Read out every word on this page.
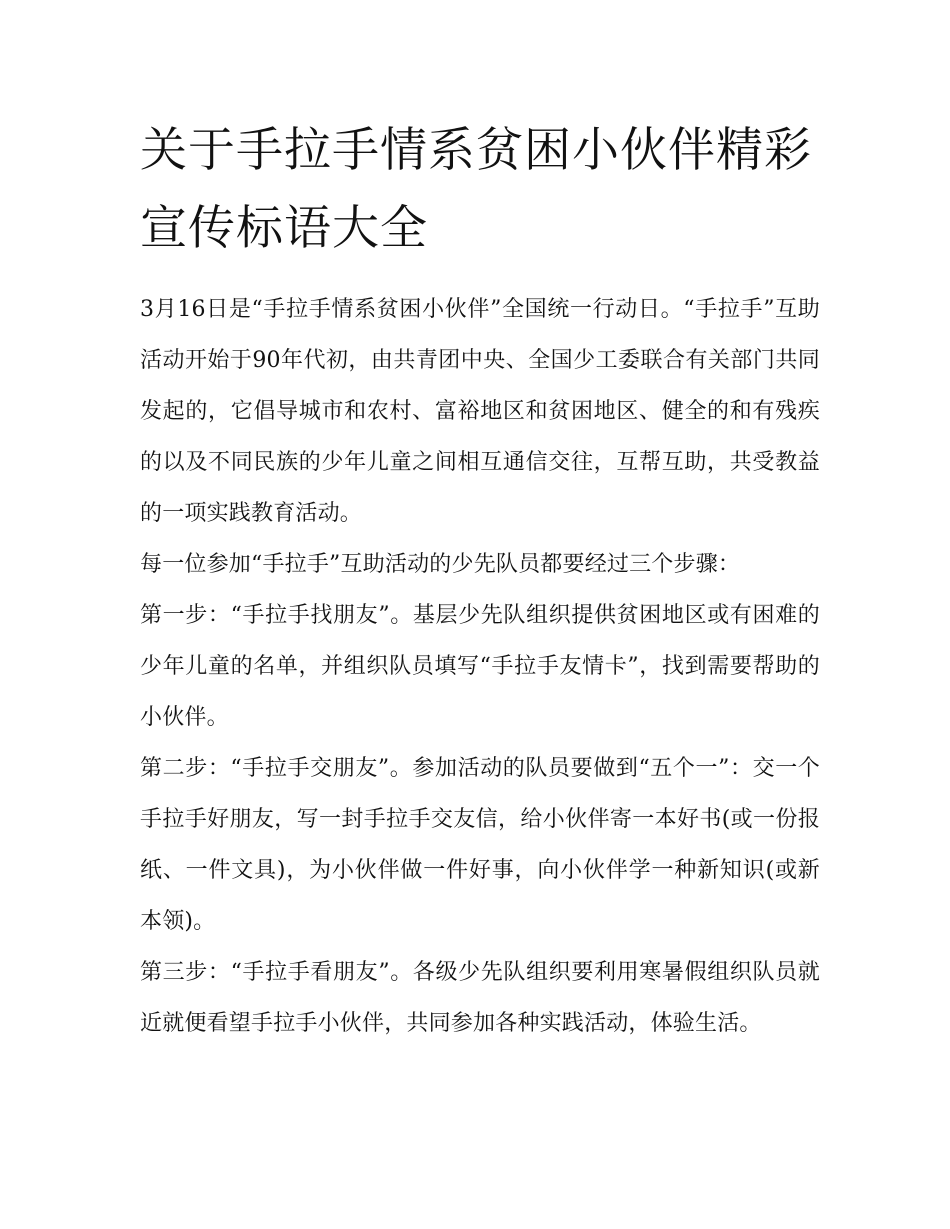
关于手拉手情系贫困小伙伴精彩宣传标语大全

3月16日是“手拉手情系贫困小伙伴”全国统一行动日。“手拉手”互助活动开始于90年代初，由共青团中央、全国少工委联合有关部门共同发起的，它倡导城市和农村、富裕地区和贫困地区、健全的和有残疾的以及不同民族的少年儿童之间相互通信交往，互帮互助，共受教益的一项实践教育活动。

每一位参加“手拉手”互助活动的少先队员都要经过三个步骤：

第一步：“手拉手找朋友”。基层少先队组织提供贫困地区或有困难的少年儿童的名单，并组织队员填写“手拉手友情卡”，找到需要帮助的小伙伴。

第二步：“手拉手交朋友”。参加活动的队员要做到“五个一”：交一个手拉手好朋友，写一封手拉手交友信，给小伙伴寄一本好书(或一份报纸、一件文具)，为小伙伴做一件好事，向小伙伴学一种新知识(或新本领)。

第三步：“手拉手看朋友”。各级少先队组织要利用寒暑假组织队员就近就便看望手拉手小伙伴，共同参加各种实践活动，体验生活。
